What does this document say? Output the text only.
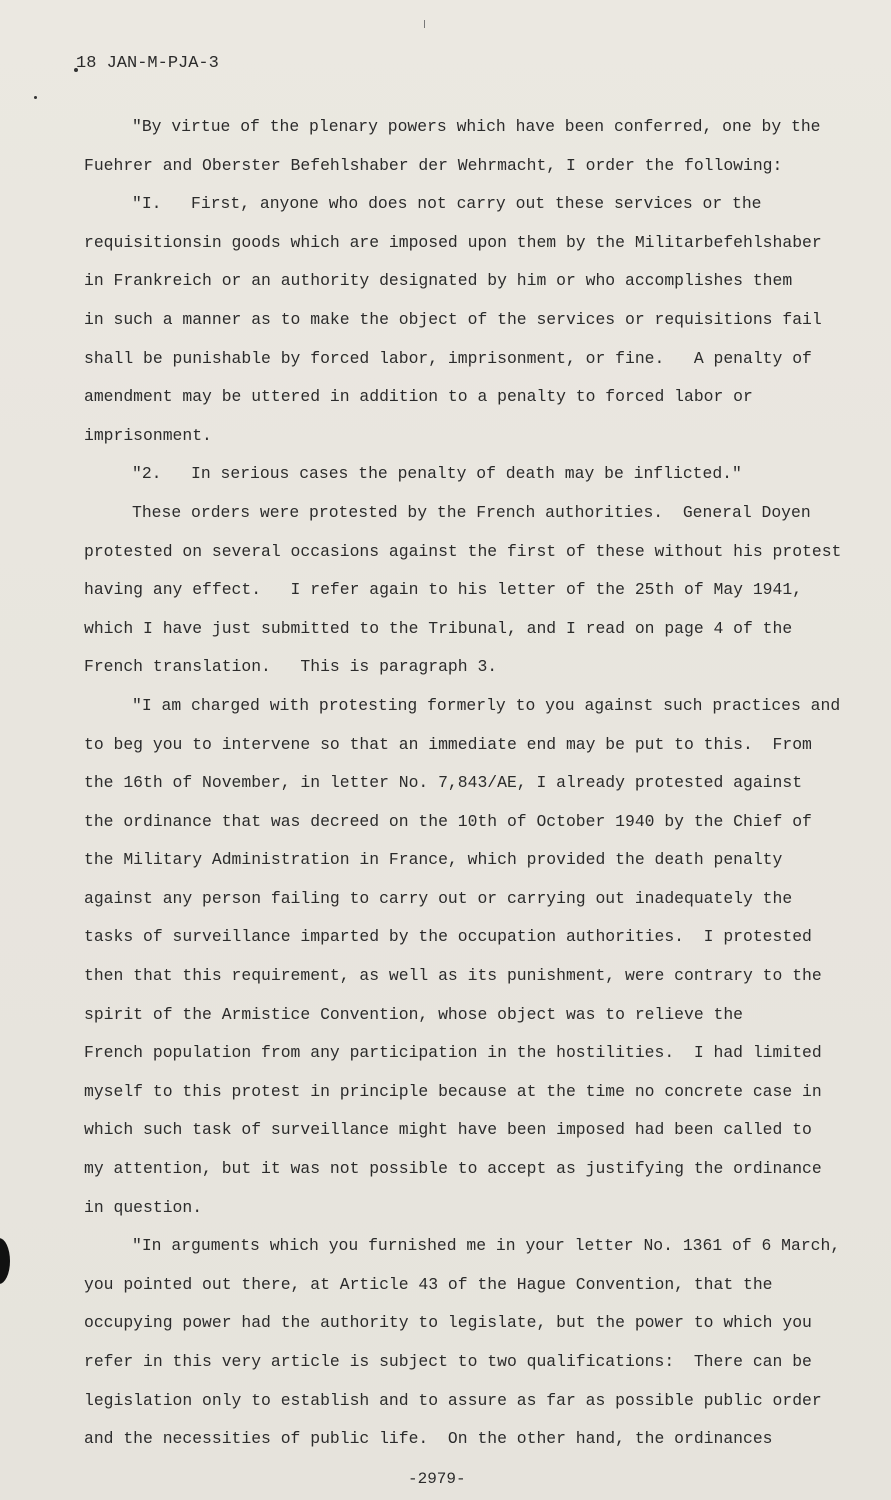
18 JAN-M-PJA-3
"By virtue of the plenary powers which have been conferred, one by the
Fuehrer and Oberster Befehlshaber der Wehrmacht, I order the following:
"I.   First, anyone who does not carry out these services or the
requisitionsin goods which are imposed upon them by the Militarbefehlshaber
in Frankreich or an authority designated by him or who accomplishes them
in such a manner as to make the object of the services or requisitions fail
shall be punishable by forced labor, imprisonment, or fine.   A penalty of
amendment may be uttered in addition to a penalty to forced labor or
imprisonment.
"2.   In serious cases the penalty of death may be inflicted."
These orders were protested by the French authorities.  General Doyen
protested on several occasions against the first of these without his protest
having any effect.   I refer again to his letter of the 25th of May 1941,
which I have just submitted to the Tribunal, and I read on page 4 of the
French translation.   This is paragraph 3.
"I am charged with protesting formerly to you against such practices and
to beg you to intervene so that an immediate end may be put to this.  From
the 16th of November, in letter No. 7,843/AE, I already protested against
the ordinance that was decreed on the 10th of October 1940 by the Chief of
the Military Administration in France, which provided the death penalty
against any person failing to carry out or carrying out inadequately the
tasks of surveillance imparted by the occupation authorities.  I protested
then that this requirement, as well as its punishment, were contrary to the
spirit of the Armistice Convention, whose object was to relieve the
French population from any participation in the hostilities.  I had limited
myself to this protest in principle because at the time no concrete case in
which such task of surveillance might have been imposed had been called to
my attention, but it was not possible to accept as justifying the ordinance
in question.
"In arguments which you furnished me in your letter No. 1361 of 6 March,
you pointed out there, at Article 43 of the Hague Convention, that the
occupying power had the authority to legislate, but the power to which you
refer in this very article is subject to two qualifications:  There can be
legislation only to establish and to assure as far as possible public order
and the necessities of public life.  On the other hand, the ordinances
-2979-
